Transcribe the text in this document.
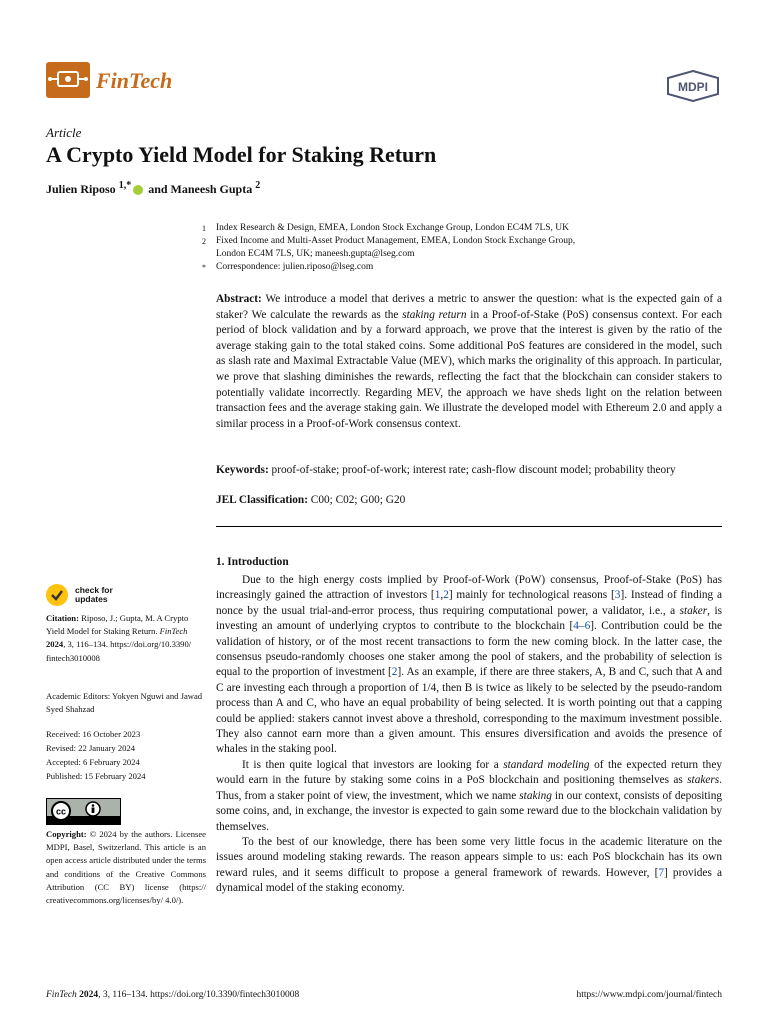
FinTech	MDPI
Article
A Crypto Yield Model for Staking Return
Julien Riposo $^{1,*}$ and Maneesh Gupta $^2$
1 Index Research & Design, EMEA, London Stock Exchange Group, London EC4M 7LS, UK
2 Fixed Income and Multi-Asset Product Management, EMEA, London Stock Exchange Group,
London EC4M 7LS, UK; maneesh.gupta@lseg.com
* Correspondence: julien.riposo@lseg.com
Abstract: We introduce a model that derives a metric to answer the question: what is the expected gain of a staker? We calculate the rewards as the staking return in a Proof-of-Stake (PoS) consensus context. For each period of block validation and by a forward approach, we prove that the interest is given by the ratio of the average staking gain to the total staked coins. Some additional PoS features are considered in the model, such as slash rate and Maximal Extractable Value (MEV), which marks the originality of this approach. In particular, we prove that slashing diminishes the rewards, reflecting the fact that the blockchain can consider stakers to potentially validate incorrectly. Regarding MEV, the approach we have sheds light on the relation between transaction fees and the average staking gain. We illustrate the developed model with Ethereum 2.0 and apply a similar process in a Proof-of-Work consensus context.
Keywords: proof-of-stake; proof-of-work; interest rate; cash-flow discount model; probability theory
JEL Classification: C00; C02; G00; G20
1. Introduction

Due to the high energy costs implied by Proof-of-Work (PoW) consensus, Proof-of-Stake (PoS) has increasingly gained the attraction of investors [1,2] mainly for technological reasons [3]. Instead of finding a nonce by the usual trial-and-error process, thus requiring computational power, a validator, i.e., a staker, is investing an amount of underlying cryptos to contribute to the blockchain [4–6]. Contribution could be the validation of history, or of the most recent transactions to form the new coming block. In the latter case, the consensus pseudo-randomly chooses one staker among the pool of stakers, and the probability of selection is equal to the proportion of investment [2]. As an example, if there are three stakers, A, B and C, such that A and C are investing each through a proportion of 1/4, then B is twice as likely to be selected by the pseudo-random process than A and C, who have an equal probability of being selected. It is worth pointing out that a capping could be applied: stakers cannot invest above a threshold, corresponding to the maximum investment possible. They also cannot earn more than a given amount. This ensures diversification and avoids the presence of whales in the staking pool.

It is then quite logical that investors are looking for a standard modeling of the expected return they would earn in the future by staking some coins in a PoS blockchain and positioning themselves as stakers. Thus, from a staker point of view, the investment, which we name staking in our context, consists of depositing some coins, and, in exchange, the investor is expected to gain some reward due to the blockchain validation by themselves.

To the best of our knowledge, there has been some very little focus in the academic literature on the issues around modeling staking rewards. The reason appears simple to us: each PoS blockchain has its own reward rules, and it seems difficult to propose a general framework of rewards. However, [7] provides a dynamical model of the staking economy.

check for
updates
Citation: Riposo, J.; Gupta, M. A Crypto Yield Model for Staking Return. FinTech 2024, 3, 116–134. https://doi.org/10.3390/ fintech3010008
Academic Editors: Yokyen Nguwi and Jawad Syed Shahzad
Received: 16 October 2023
Revised: 22 January 2024
Accepted: 6 February 2024
Published: 15 February 2024
cc
Copyright: © 2024 by the authors. Licensee MDPI, Basel, Switzerland. This article is an open access article distributed under the terms and conditions of the Creative Commons Attribution (CC BY) license (https:// creativecommons.org/licenses/by/ 4.0/).
FinTech 2024, 3, 116–134. https://doi.org/10.3390/fintech3010008	https://www.mdpi.com/journal/fintech
